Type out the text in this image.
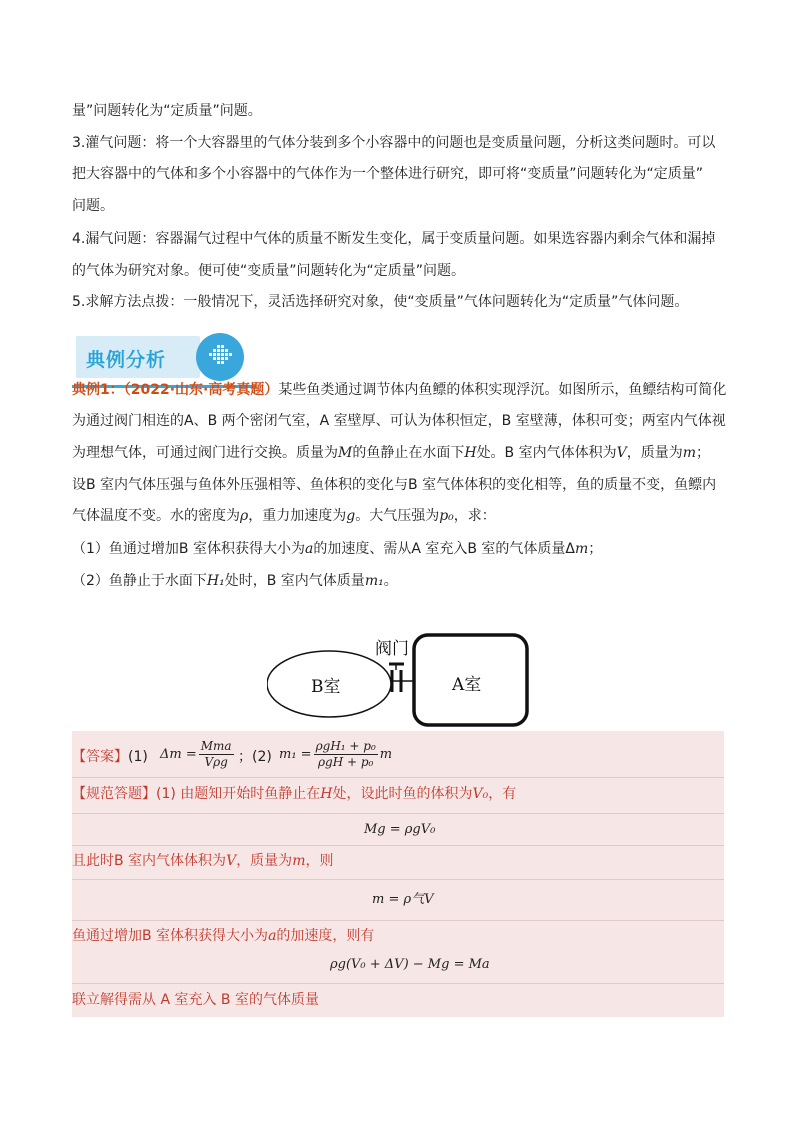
量”问题转化为“定质量”问题。
3.灌气问题：将一个大容器里的气体分装到多个小容器中的问题也是变质量问题，分析这类问题时。可以
把大容器中的气体和多个小容器中的气体作为一个整体进行研究，即可将“变质量”问题转化为“定质量”
问题。
4.漏气问题：容器漏气过程中气体的质量不断发生变化，属于变质量问题。如果选容器内剩余气体和漏掉
的气体为研究对象。便可使“变质量”问题转化为“定质量”问题。
5.求解方法点拨：一般情况下，灵活选择研究对象，使“变质量”气体问题转化为“定质量”气体问题。
典例分析
典例1：（2022·山东·高考真题）某些鱼类通过调节体内鱼鳔的体积实现浮沉。如图所示，鱼鳔结构可简化
为通过阀门相连的A、B 两个密闭气室，A 室壁厚、可认为体积恒定，B 室壁薄，体积可变；两室内气体视
为理想气体，可通过阀门进行交换。质量为M的鱼静止在水面下H处。B 室内气体体积为V，质量为m；
设B 室内气体压强与鱼体外压强相等、鱼体积的变化与B 室气体体积的变化相等，鱼的质量不变，鱼鳔内
气体温度不变。水的密度为ρ，重力加速度为g。大气压强为p₀，求：
（1）鱼通过增加B 室体积获得大小为a的加速度、需从A 室充入B 室的气体质量Δm；
（2）鱼静止于水面下H₁处时，B 室内气体质量m₁。
阀门
B室	A室
【答案】(1) $\Delta m = \frac{\text{Mma}}{\text{Vρg}}$ ；(2) $m_1 = \frac{\text{ρgH₁ + p₀}}{\text{ρgH + p₀}}$ m
【规范答题】(1) 由题知开始时鱼静止在H处，设此时鱼的体积为V₀，有
Mg = ρgV₀
且此时B 室内气体体积为V，质量为m，则
m = ρ气V
鱼通过增加B 室体积获得大小为a的加速度，则有
ρg(V₀ + ΔV) − Mg = Ma
联立解得需从 A 室充入 B 室的气体质量
